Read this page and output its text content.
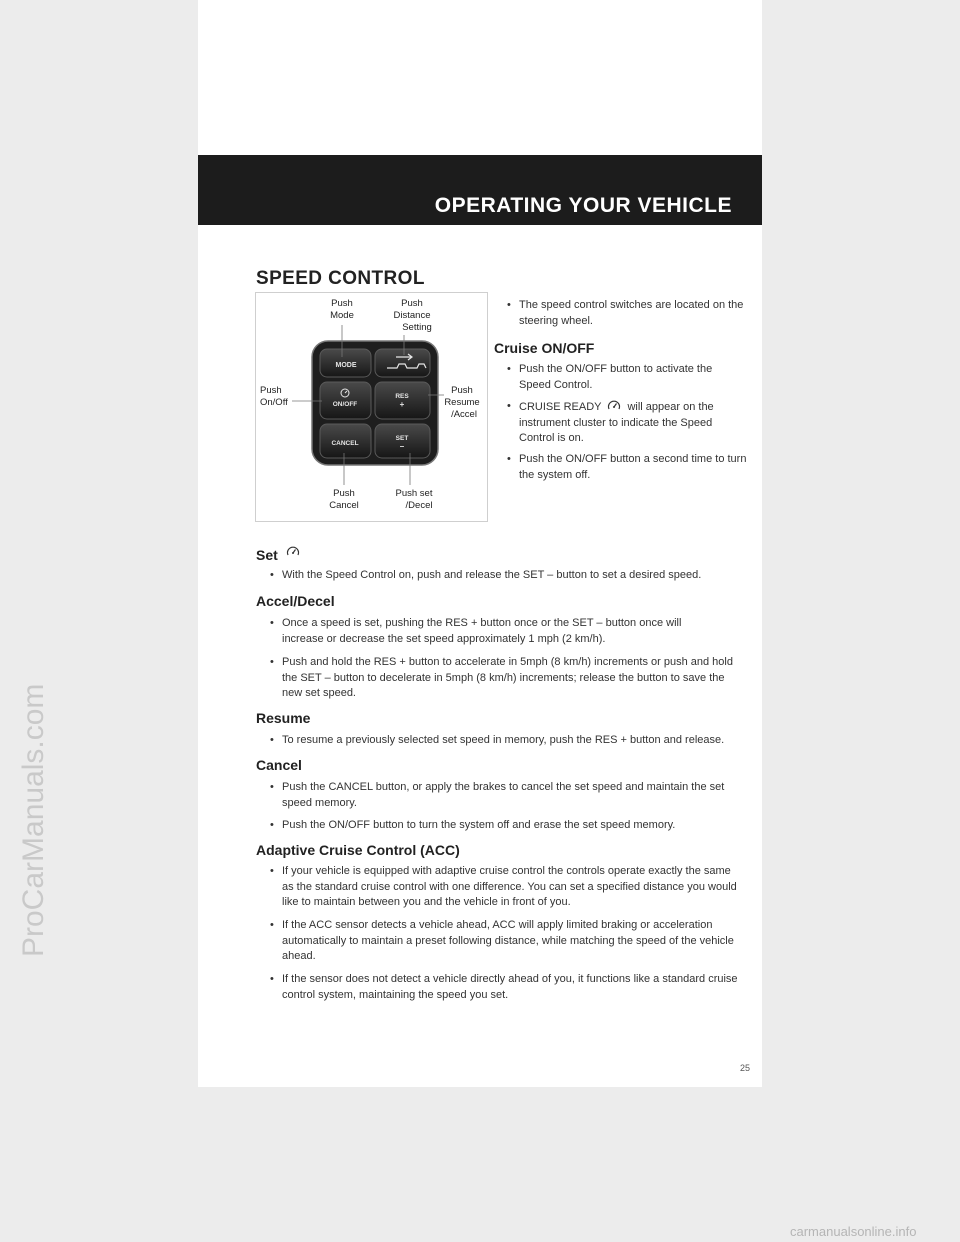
OPERATING YOUR VEHICLE
ProCarManuals.com
SPEED CONTROL
MODE
ON/OFF
RES
+
CANCEL
SET
–
Push
Mode
Push
Distance
Setting
Push
On/Off
Push
Resume
/Accel
Push
Cancel
Push set
/Decel
• The speed control switches are located on the steering wheel.
Cruise ON/OFF
• Push the ON/OFF button to activate the Speed Control.
• CRUISE READY will appear on the instrument cluster to indicate the Speed Control is on.
• Push the ON/OFF button a second time to turn the system off.
Set
• With the Speed Control on, push and release the SET – button to set a desired speed.
Accel/Decel
• Once a speed is set, pushing the RES + button once or the SET – button once will increase or decrease the set speed approximately 1 mph (2 km/h).
• Push and hold the RES + button to accelerate in 5mph (8 km/h) increments or push and hold the SET – button to decelerate in 5mph (8 km/h) increments; release the button to save the new set speed.
Resume
• To resume a previously selected set speed in memory, push the RES + button and release.
Cancel
• Push the CANCEL button, or apply the brakes to cancel the set speed and maintain the set speed memory.
• Push the ON/OFF button to turn the system off and erase the set speed memory.
Adaptive Cruise Control (ACC)
• If your vehicle is equipped with adaptive cruise control the controls operate exactly the same as the standard cruise control with one difference. You can set a specified distance you would like to maintain between you and the vehicle in front of you.
• If the ACC sensor detects a vehicle ahead, ACC will apply limited braking or acceleration automatically to maintain a preset following distance, while matching the speed of the vehicle ahead.
• If the sensor does not detect a vehicle directly ahead of you, it functions like a standard cruise control system, maintaining the speed you set.
25
carmanualsonline.info
